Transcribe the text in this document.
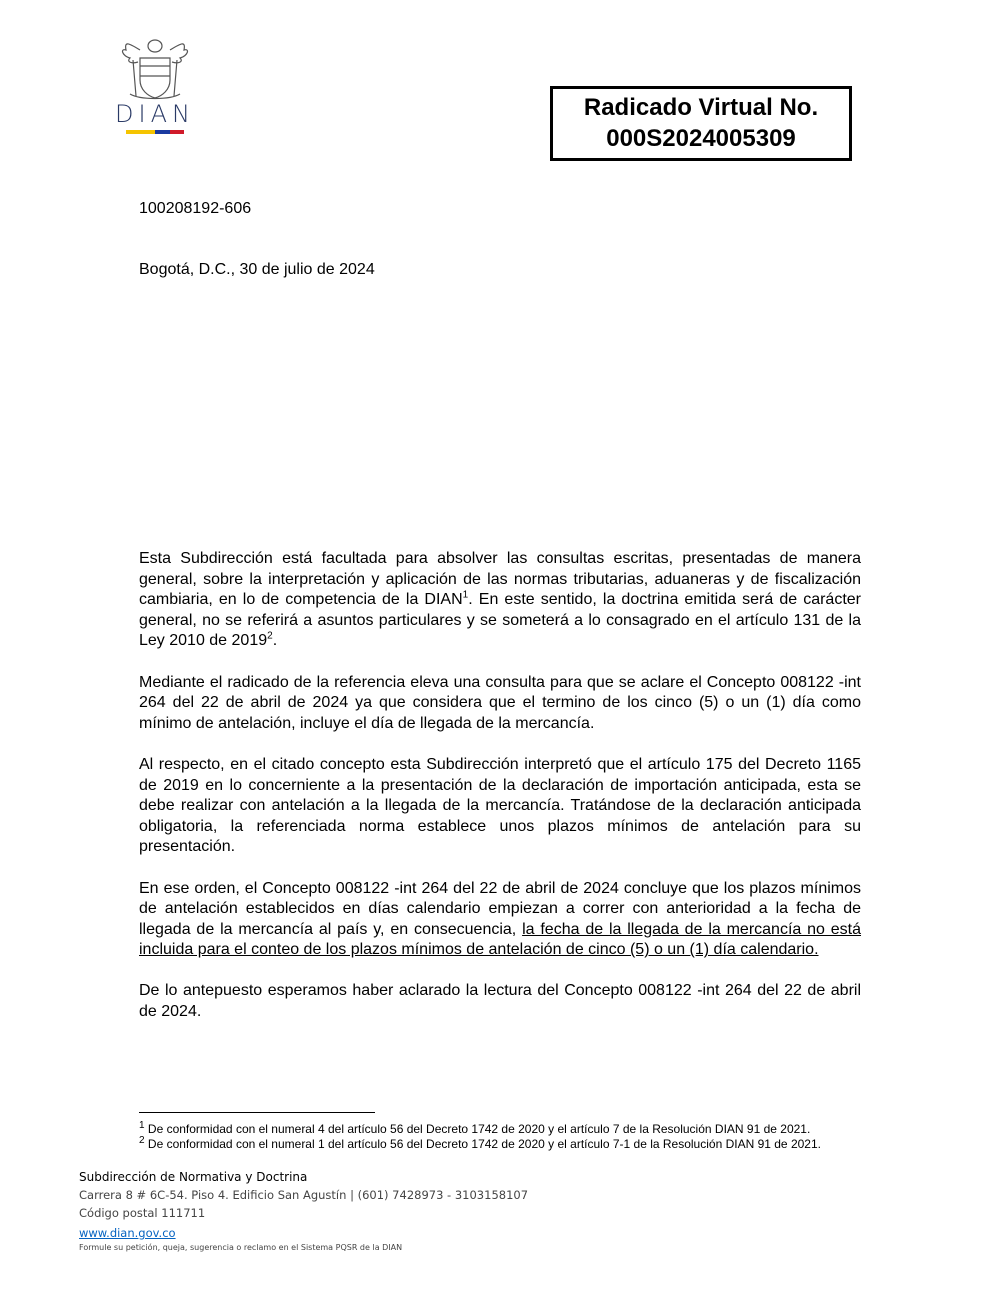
DIAN	Radicado Virtual No.
000S2024005309
100208192-606
Bogotá, D.C., 30 de julio de 2024

Esta Subdirección está facultada para absolver las consultas escritas, presentadas de manera general, sobre la interpretación y aplicación de las normas tributarias, aduaneras y de fiscalización cambiaria, en lo de competencia de la DIAN$^1$. En este sentido, la doctrina emitida será de carácter general, no se referirá a asuntos particulares y se someterá a lo consagrado en el artículo 131 de la Ley 2010 de 2019$^2$.

Mediante el radicado de la referencia eleva una consulta para que se aclare el Concepto 008122 -int 264 del 22 de abril de 2024 ya que considera que el termino de los cinco (5) o un (1) día como mínimo de antelación, incluye el día de llegada de la mercancía.

Al respecto, en el citado concepto esta Subdirección interpretó que el artículo 175 del Decreto 1165 de 2019 en lo concerniente a la presentación de la declaración de importación anticipada, esta se debe realizar con antelación a la llegada de la mercancía. Tratándose de la declaración anticipada obligatoria, la referenciada norma establece unos plazos mínimos de antelación para su presentación.

En ese orden, el Concepto 008122 -int 264 del 22 de abril de 2024 concluye que los plazos mínimos de antelación establecidos en días calendario empiezan a correr con anterioridad a la fecha de llegada de la mercancía al país y, en consecuencia, la fecha de la llegada de la mercancía no está incluida para el conteo de los plazos mínimos de antelación de cinco (5) o un (1) día calendario.

De lo antepuesto esperamos haber aclarado la lectura del Concepto 008122 -int 264 del 22 de abril de 2024.

$^1$ De conformidad con el numeral 4 del artículo 56 del Decreto 1742 de 2020 y el artículo 7 de la Resolución DIAN 91 de 2021.
$^2$ De conformidad con el numeral 1 del artículo 56 del Decreto 1742 de 2020 y el artículo 7-1 de la Resolución DIAN 91 de 2021.
Subdirección de Normativa y Doctrina
Carrera 8 # 6C-54. Piso 4. Edificio San Agustín | (601) 7428973 - 3103158107
Código postal 111711
www.dian.gov.co
Formule su petición, queja, sugerencia o reclamo en el Sistema PQSR de la DIAN
